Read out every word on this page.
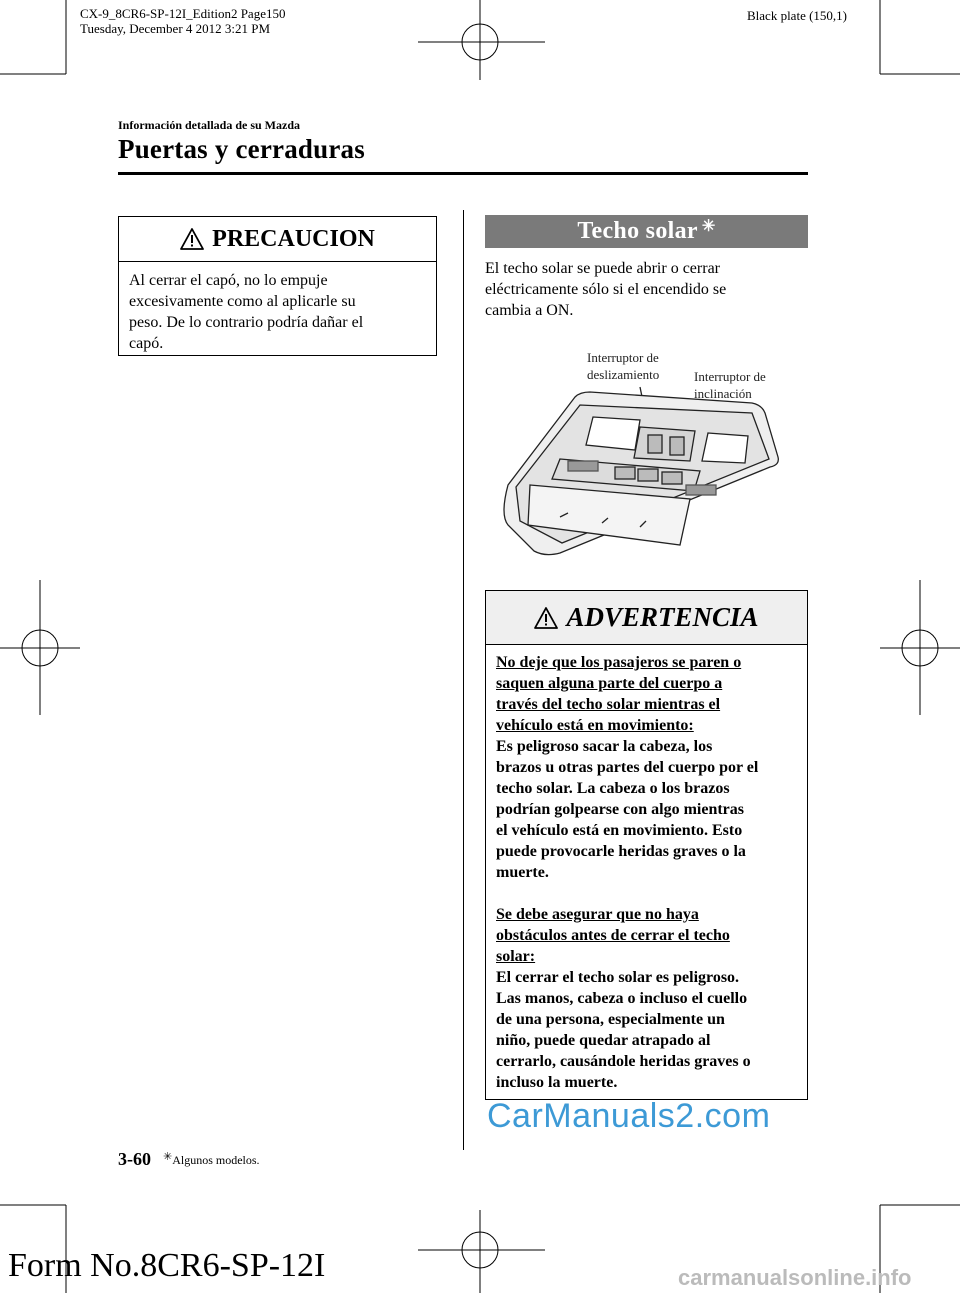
CX-9_8CR6-SP-12I_Edition2 Page150
Tuesday, December 4 2012 3:21 PM
Black plate (150,1)
Información detallada de su Mazda
Puertas y cerraduras
PRECAUCION
Al cerrar el capó, no lo empuje
excesivamente como al aplicarle su
peso. De lo contrario podría dañar el
capó.
Techo solar ✳
El techo solar se puede abrir o cerrar
eléctricamente sólo si el encendido se
cambia a ON.
Interruptor de
deslizamiento	Interruptor de
inclinación
ADVERTENCIA
No deje que los pasajeros se paren o
saquen alguna parte del cuerpo a
través del techo solar mientras el
vehículo está en movimiento:
Es peligroso sacar la cabeza, los
brazos u otras partes del cuerpo por el
techo solar. La cabeza o los brazos
podrían golpearse con algo mientras
el vehículo está en movimiento. Esto
puede provocarle heridas graves o la
muerte.
Se debe asegurar que no haya
obstáculos antes de cerrar el techo
solar:
El cerrar el techo solar es peligroso.
Las manos, cabeza o incluso el cuello
de una persona, especialmente un
niño, puede quedar atrapado al
cerrarlo, causándole heridas graves o
incluso la muerte.
CarManuals2.com
3-60 ✳Algunos modelos.
Form No.8CR6-SP-12I	carmanualsonline.info
